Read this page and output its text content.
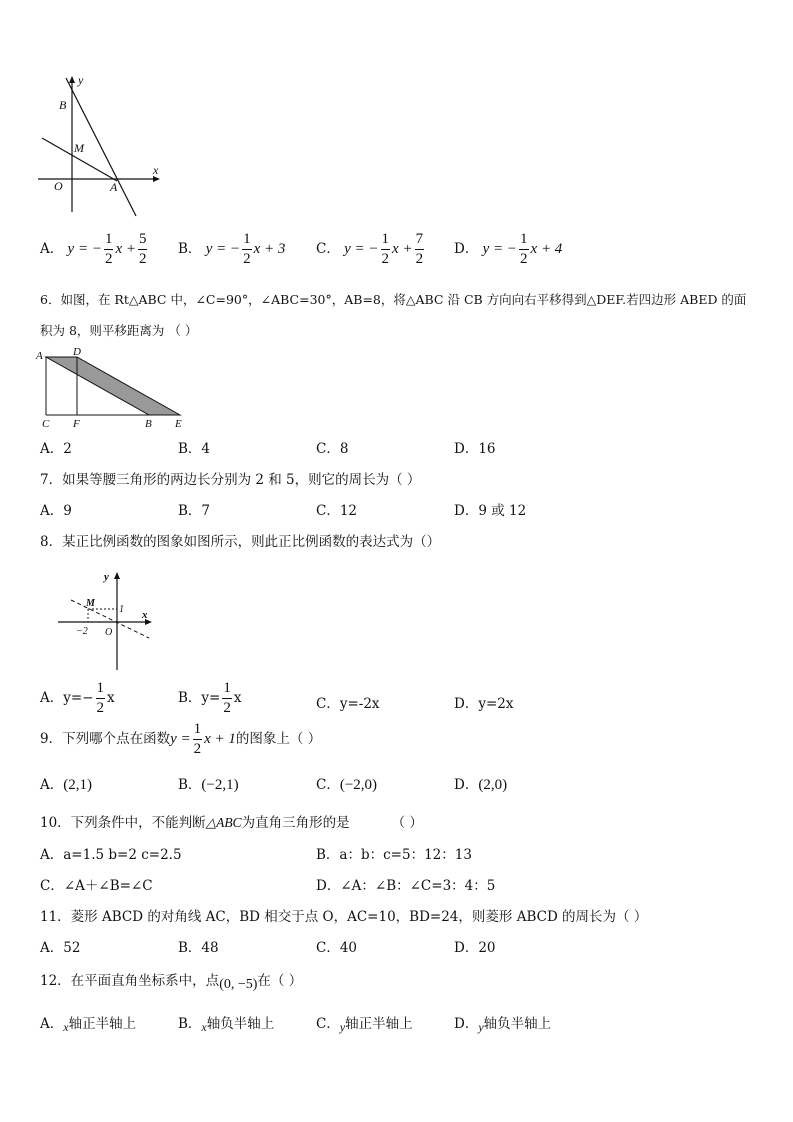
y
B
M
x
O	A
A． y = − $\frac{1}{2}$ $x + \frac{5}{2}$ B． y = − $\frac{1}{2}$ x + 3 C． y = − $\frac{1}{2}$ $x + \frac{7}{2}$ D． y = − $\frac{1}{2}$ x + 4
6．如图，在 Rt△ABC 中，∠C=90°，∠ABC=30°，AB=8，将△ABC 沿 CB 方向向右平移得到△DEF.若四边形 ABED 的面
积为 8，则平移距离为 （ ）
A	D
C F	B E
A．2	B．4	C．8	D．16
7．如果等腰三角形的两边长分别为 2 和 5，则它的周长为（ ）
A．9	B．7	C．12	D．9 或 12
8．某正比例函数的图象如图所示，则此正比例函数的表达式为（）
y
x
M
1
−2 O
A．$y=- \frac{1}{2}$ x	B．$y= \frac{1}{2}$ x	C．y=-2x	D．y=2x
9．下列哪个点在函数$y = \frac{1}{2}$ x + 1的图象上（ ）
A．(2,1)	B．(−2,1)	C．(−2,0)	D．(2,0)
10．下列条件中，不能判断△ABC为直角三角形的是	（ ）
A．a=1.5 b=2 c=2.5	B．a：b：c=5：12：13
C．∠A＋∠B=∠C	D．∠A：∠B：∠C=3：4：5
11．菱形 ABCD 的对角线 AC，BD 相交于点 O，AC=10，BD=24，则菱形 ABCD 的周长为（ ）
A．52	B．48	C．40	D．20
12．在平面直角坐标系中，点(0, −5)在（ ）
A．x轴正半轴上	B．x轴负半轴上	C．y轴正半轴上	D．y轴负半轴上
